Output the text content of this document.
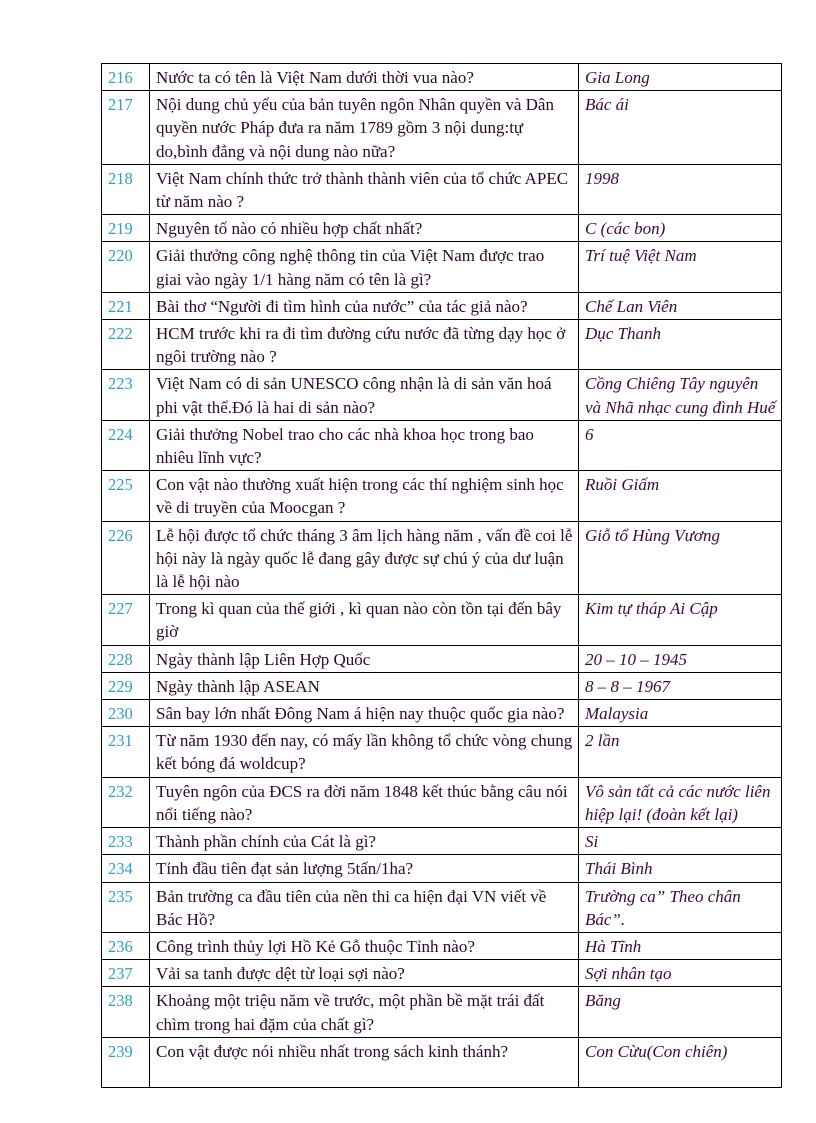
216	Nước ta có tên là Việt Nam dưới thời vua nào?	Gia Long
217	Nội dung chủ yếu của bản tuyên ngôn Nhân quyền và Dân quyền nước Pháp đưa ra năm 1789 gồm 3 nội dung:tự do,bình đẳng và nội dung nào nữa?	Bác ái
218	Việt Nam chính thức trở thành thành viên của tổ chức APEC từ năm nào ?	1998
219	Nguyên tố nào có nhiều hợp chất nhất?	C (các bon)
220	Giải thưởng công nghệ thông tin của Việt Nam được trao giai vào ngày 1/1 hàng năm có tên là gì?	Trí tuệ Việt Nam
221	Bài thơ “Người đi tìm hình của nước” của tác giả nào?	Chế Lan Viên
222	HCM trước khi ra đi tìm đường cứu nước đã từng dạy học ở ngôi trường nào ?	Dục Thanh
223	Việt Nam có di sản UNESCO công nhận là di sản văn hoá phi vật thể.Đó là hai di sản nào?	Cồng Chiêng Tây nguyên và Nhã nhạc cung đình Huế
224	Giải thưởng Nobel trao cho các nhà khoa học trong bao nhiêu lĩnh vực?	6
225	Con vật nào thường xuất hiện trong các thí nghiệm sinh học về di truyền của Moocgan ?	Ruồi Giấm
226	Lễ hội được tổ chức tháng 3 âm lịch hàng năm , vấn đề coi lễ hội này là ngày quốc lễ đang gây được sự chú ý của dư luận là lễ hội nào	Giỗ tổ Hùng Vương
227	Trong kì quan của thế giới , kì quan nào còn tồn tại đến bây giờ	Kim tự tháp Ai Cập
228	Ngày thành lập Liên Hợp Quốc	20 – 10 – 1945
229	Ngày thành lập ASEAN	8 – 8 – 1967
230	Sân bay lớn nhất Đông Nam á hiện nay thuộc quốc gia nào?	Malaysia
231	Từ năm 1930 đến nay, có mấy lần không tổ chức vòng chung kết bóng đá woldcup?	2 lần
232	Tuyên ngôn của ĐCS ra đời năm 1848 kết thúc bằng câu nói nổi tiếng nào?	Vô sản tất cả các nước liên hiệp lại! (đoàn kết lại)
233	Thành phần chính của Cát là gì?	Si
234	Tỉnh đầu tiên đạt sản lượng 5tấn/1ha?	Thái Bình
235	Bản trường ca đầu tiên của nền thi ca hiện đại VN viết về Bác Hồ?	Trường ca” Theo chân Bác”.
236	Công trình thủy lợi Hồ Kẻ Gỗ thuộc Tỉnh nào?	Hà Tĩnh
237	Vải sa tanh được dệt từ loại sợi nào?	Sợi nhân tạo
238	Khoảng một triệu năm về trước, một phần bề mặt trái đất chìm trong hai đặm của chất gì?	Băng
239	Con vật được nói nhiều nhất trong sách kinh thánh?	Con Cừu(Con chiên)
